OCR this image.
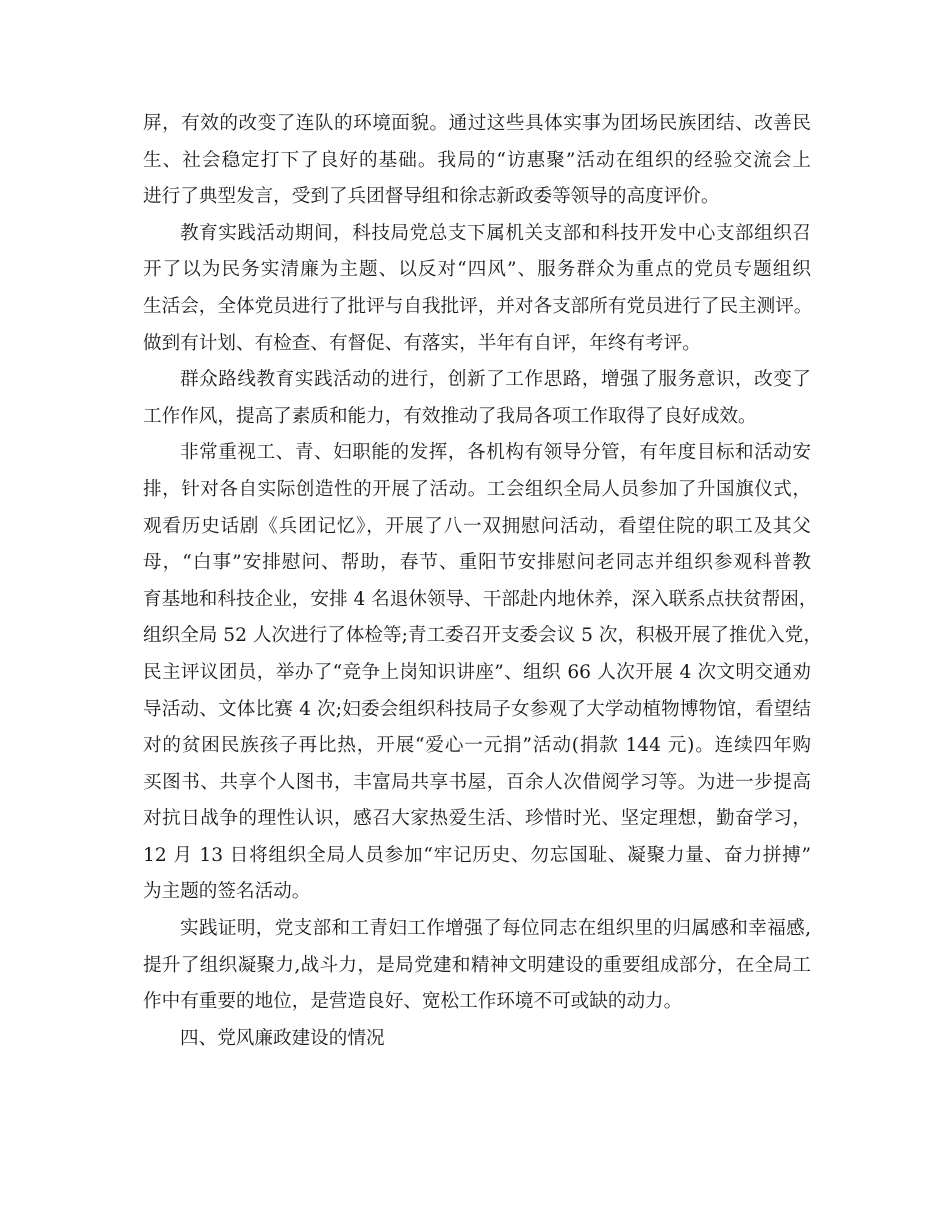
屏，有效的改变了连队的环境面貌。通过这些具体实事为团场民族团结、改善民
生、社会稳定打下了良好的基础。我局的“访惠聚”活动在组织的经验交流会上
进行了典型发言，受到了兵团督导组和徐志新政委等领导的高度评价。
教育实践活动期间，科技局党总支下属机关支部和科技开发中心支部组织召
开了以为民务实清廉为主题、以反对“四风”、服务群众为重点的党员专题组织
生活会，全体党员进行了批评与自我批评，并对各支部所有党员进行了民主测评。
做到有计划、有检查、有督促、有落实，半年有自评，年终有考评。
群众路线教育实践活动的进行，创新了工作思路，增强了服务意识，改变了
工作作风，提高了素质和能力，有效推动了我局各项工作取得了良好成效。
非常重视工、青、妇职能的发挥，各机构有领导分管，有年度目标和活动安
排，针对各自实际创造性的开展了活动。工会组织全局人员参加了升国旗仪式，
观看历史话剧《兵团记忆》，开展了八一双拥慰问活动，看望住院的职工及其父
母，“白事”安排慰问、帮助，春节、重阳节安排慰问老同志并组织参观科普教
育基地和科技企业，安排 4 名退休领导、干部赴内地休养，深入联系点扶贫帮困，
组织全局 52 人次进行了体检等;青工委召开支委会议 5 次，积极开展了推优入党，
民主评议团员，举办了“竞争上岗知识讲座”、组织 66 人次开展 4 次文明交通劝
导活动、文体比赛 4 次;妇委会组织科技局子女参观了大学动植物博物馆，看望结
对的贫困民族孩子再比热，开展“爱心一元捐”活动(捐款 144 元)。连续四年购
买图书、共享个人图书，丰富局共享书屋，百余人次借阅学习等。为进一步提高
对抗日战争的理性认识，感召大家热爱生活、珍惜时光、坚定理想，勤奋学习，
12 月 13 日将组织全局人员参加“牢记历史、勿忘国耻、凝聚力量、奋力拼搏”
为主题的签名活动。
实践证明，党支部和工青妇工作增强了每位同志在组织里的归属感和幸福感,
提升了组织凝聚力,战斗力，是局党建和精神文明建设的重要组成部分，在全局工
作中有重要的地位，是营造良好、宽松工作环境不可或缺的动力。
四、党风廉政建设的情况
